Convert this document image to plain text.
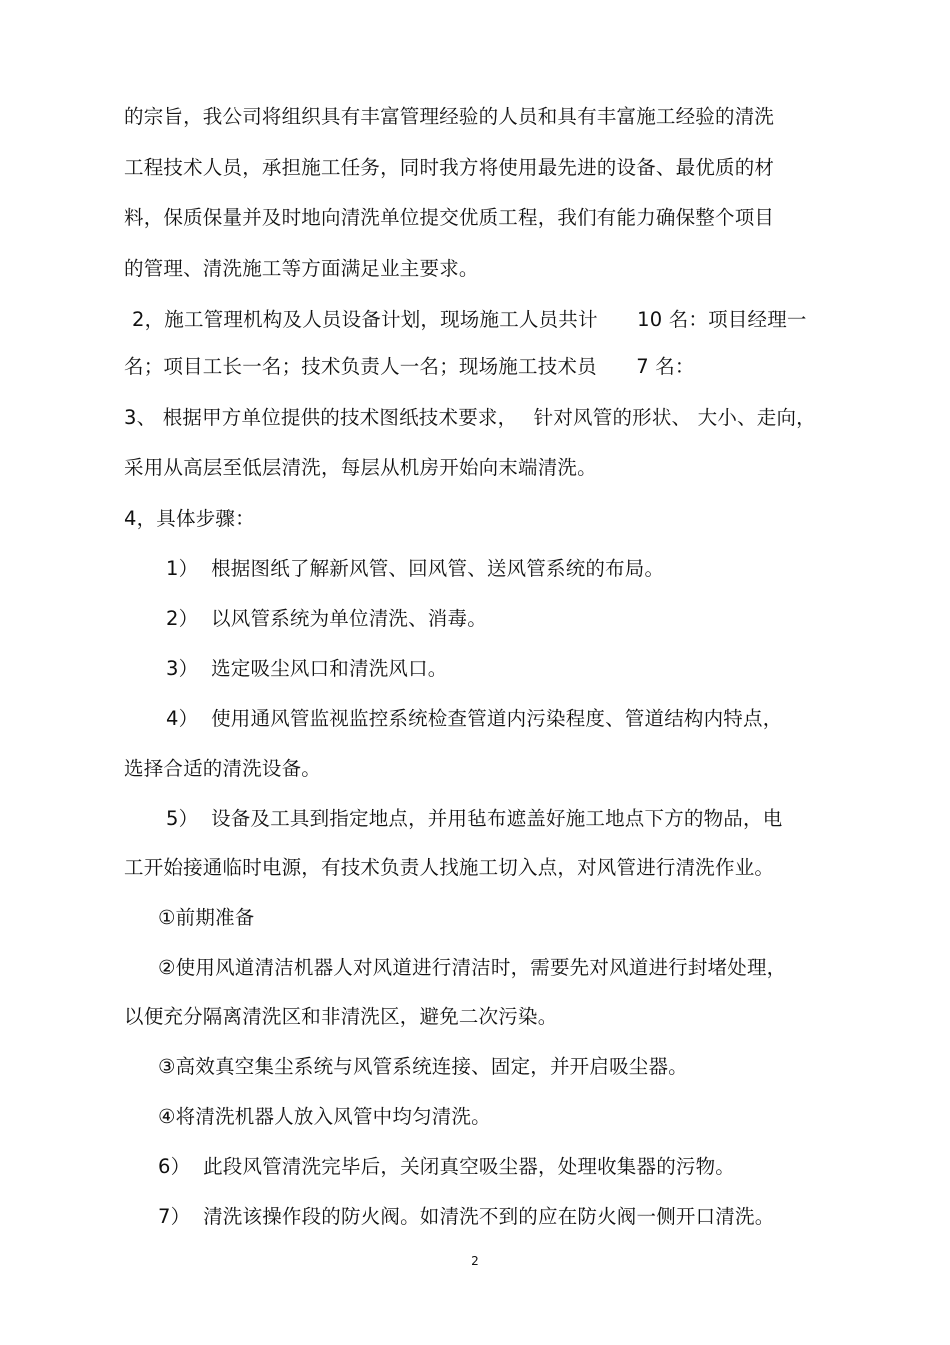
的宗旨，我公司将组织具有丰富管理经验的人员和具有丰富施工经验的清洗
工程技术人员，承担施工任务，同时我方将使用最先进的设备、最优质的材
料，保质保量并及时地向清洗单位提交优质工程，我们有能力确保整个项目
的管理、清洗施工等方面满足业主要求。
2，施工管理机构及人员设备计划，现场施工人员共计　　10 名：项目经理一
名；项目工长一名；技术负责人一名；现场施工技术员　　7 名：
3、 根据甲方单位提供的技术图纸技术要求，　 针对风管的形状、 大小、走向，
采用从高层至低层清洗，每层从机房开始向末端清洗。
4，具体步骤：
1）  根据图纸了解新风管、回风管、送风管系统的布局。
2）  以风管系统为单位清洗、消毒。
3）  选定吸尘风口和清洗风口。
4）  使用通风管监视监控系统检查管道内污染程度、管道结构内特点，
选择合适的清洗设备。
5）  设备及工具到指定地点，并用毡布遮盖好施工地点下方的物品，电
工开始接通临时电源，有技术负责人找施工切入点，对风管进行清洗作业。
①前期准备
②使用风道清洁机器人对风道进行清洁时，需要先对风道进行封堵处理，
以便充分隔离清洗区和非清洗区，避免二次污染。
③高效真空集尘系统与风管系统连接、固定，并开启吸尘器。
④将清洗机器人放入风管中均匀清洗。
6）  此段风管清洗完毕后，关闭真空吸尘器，处理收集器的污物。
7）  清洗该操作段的防火阀。如清洗不到的应在防火阀一侧开口清洗。
2
